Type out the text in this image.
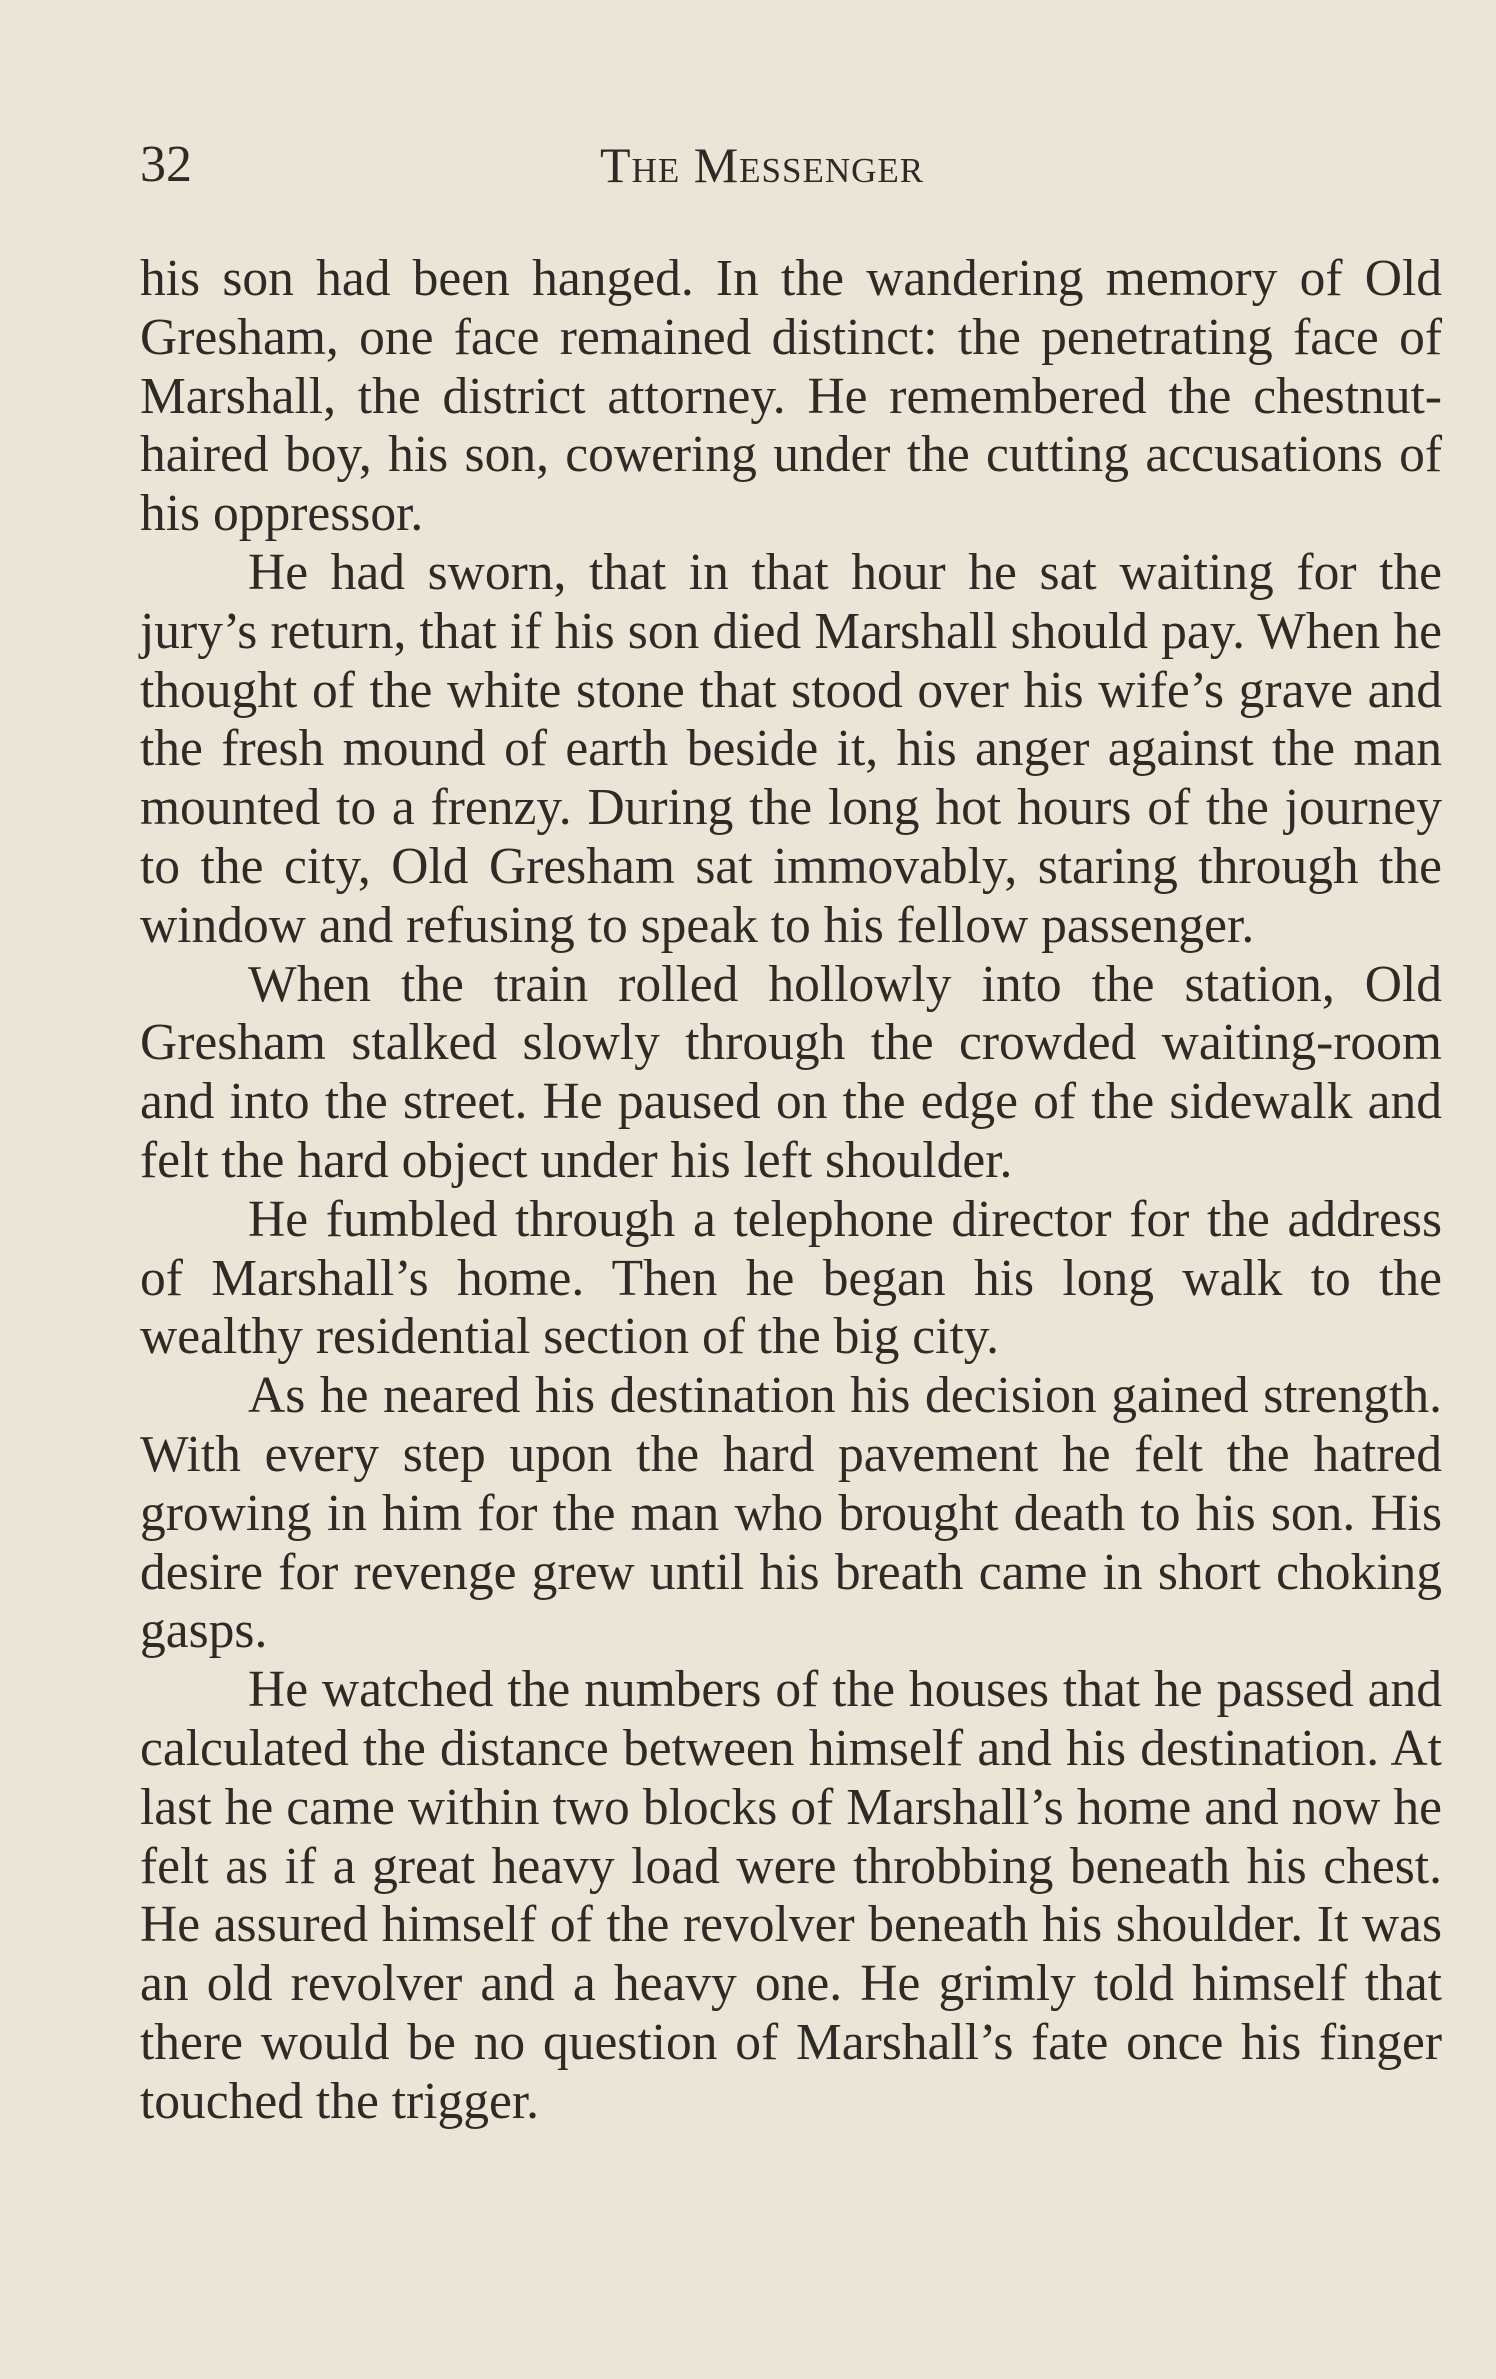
32	The Messenger

his son had been hanged. In the wandering memory of Old Gresham, one face remained distinct: the penetrating face of Marshall, the district attorney. He remembered the chestnut-haired boy, his son, cowering under the cutting accusations of his oppressor.

He had sworn, that in that hour he sat waiting for the jury’s return, that if his son died Marshall should pay. When he thought of the white stone that stood over his wife’s grave and the fresh mound of earth beside it, his anger against the man mounted to a frenzy. During the long hot hours of the journey to the city, Old Gresham sat immovably, staring through the window and refusing to speak to his fellow passenger.

When the train rolled hollowly into the station, Old Gresham stalked slowly through the crowded waiting-room and into the street. He paused on the edge of the sidewalk and felt the hard object under his left shoulder.

He fumbled through a telephone director for the address of Marshall’s home. Then he began his long walk to the wealthy residential section of the big city.

As he neared his destination his decision gained strength. With every step upon the hard pavement he felt the hatred growing in him for the man who brought death to his son. His desire for revenge grew until his breath came in short choking gasps.

He watched the numbers of the houses that he passed and calculated the distance between himself and his destination. At last he came within two blocks of Marshall’s home and now he felt as if a great heavy load were throbbing beneath his chest. He assured himself of the revolver beneath his shoulder. It was an old revolver and a heavy one. He grimly told himself that there would be no question of Marshall’s fate once his finger touched the trigger.
